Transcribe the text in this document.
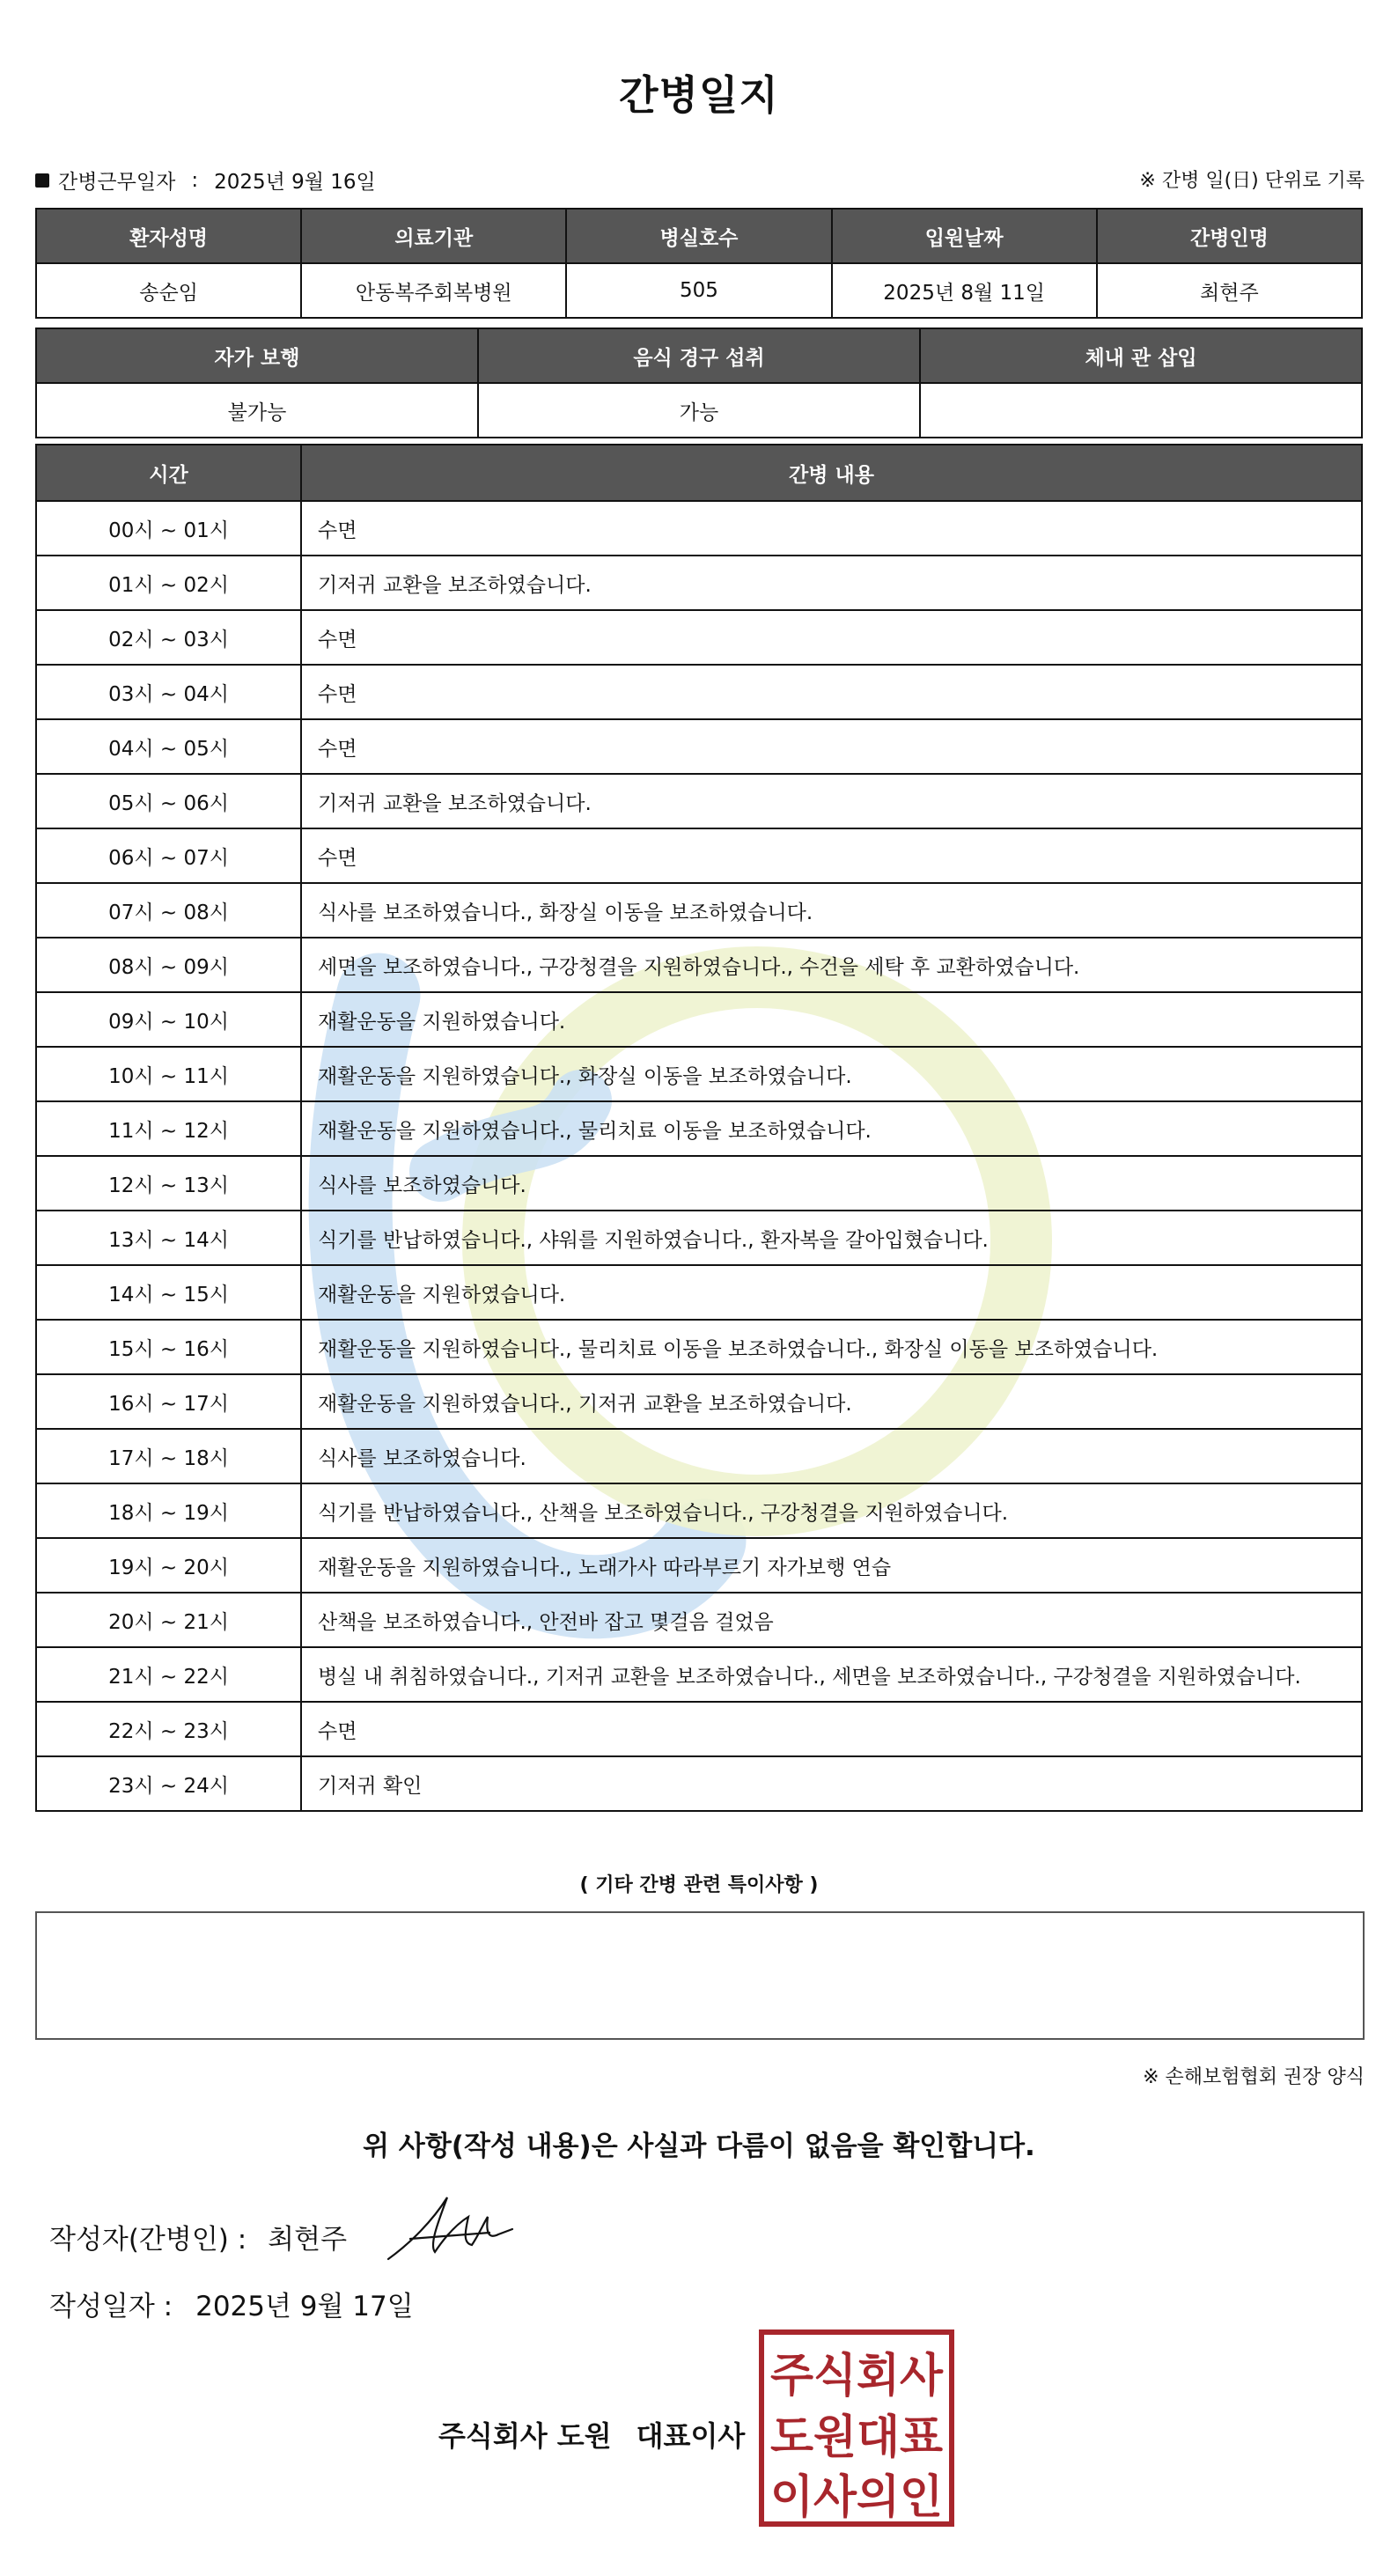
간병일지
간병근무일자 : 2025년 9월 16일	※ 간병 일(日) 단위로 기록
환자성명	의료기관	병실호수	입원날짜	간병인명
송순임	안동복주회복병원	505	2025년 8월 11일	최현주
자가 보행	음식 경구 섭취	체내 관 삽입
불가능	가능	
시간	간병 내용
00시 ~ 01시	수면
01시 ~ 02시	기저귀 교환을 보조하였습니다.
02시 ~ 03시	수면
03시 ~ 04시	수면
04시 ~ 05시	수면
05시 ~ 06시	기저귀 교환을 보조하였습니다.
06시 ~ 07시	수면
07시 ~ 08시	식사를 보조하였습니다., 화장실 이동을 보조하였습니다.
08시 ~ 09시	세면을 보조하였습니다., 구강청결을 지원하였습니다., 수건을 세탁 후 교환하였습니다.
09시 ~ 10시	재활운동을 지원하였습니다.
10시 ~ 11시	재활운동을 지원하였습니다., 화장실 이동을 보조하였습니다.
11시 ~ 12시	재활운동을 지원하였습니다., 물리치료 이동을 보조하였습니다.
12시 ~ 13시	식사를 보조하였습니다.
13시 ~ 14시	식기를 반납하였습니다., 샤워를 지원하였습니다., 환자복을 갈아입혔습니다.
14시 ~ 15시	재활운동을 지원하였습니다.
15시 ~ 16시	재활운동을 지원하였습니다., 물리치료 이동을 보조하였습니다., 화장실 이동을 보조하였습니다.
16시 ~ 17시	재활운동을 지원하였습니다., 기저귀 교환을 보조하였습니다.
17시 ~ 18시	식사를 보조하였습니다.
18시 ~ 19시	식기를 반납하였습니다., 산책을 보조하였습니다., 구강청결을 지원하였습니다.
19시 ~ 20시	재활운동을 지원하였습니다., 노래가사 따라부르기 자가보행 연습
20시 ~ 21시	산책을 보조하였습니다., 안전바 잡고 몇걸음 걸었음
21시 ~ 22시	병실 내 취침하였습니다., 기저귀 교환을 보조하였습니다., 세면을 보조하였습니다., 구강청결을 지원하였습니다.
22시 ~ 23시	수면
23시 ~ 24시	기저귀 확인
( 기타 간병 관련 특이사항 )
※ 손해보험협회 권장 양식
위 사항(작성 내용)은 사실과 다름이 없음을 확인합니다.
작성자(간병인) : 최현주
작성일자 : 2025년 9월 17일
주식회사 도원 대표이사
주식회사
도원대표
이사의인
